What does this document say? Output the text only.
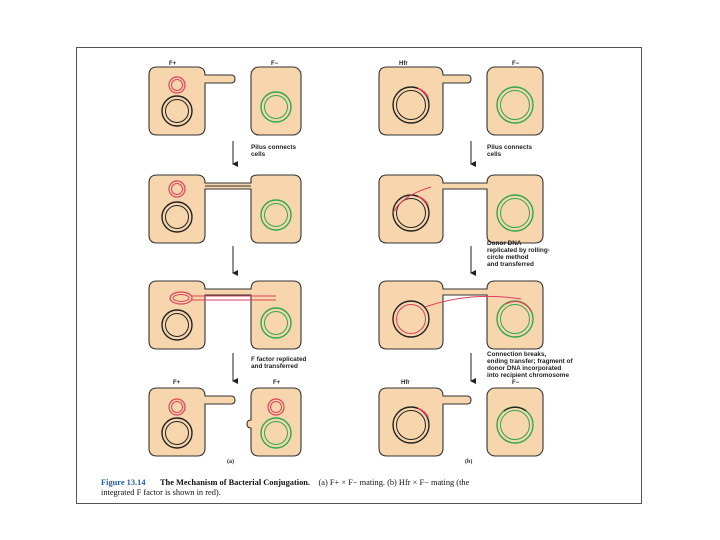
F+	F−
Pilus connects cells
F factor replicated and transferred
F+	F+
(a)
Hfr	F−
Pilus connects cells
Donor DNA replicated by rolling- circle method and transferred
Connection breaks, ending transfer; fragment of donor DNA incorporated into recipient chromosome
Hfr	F−
(b)
Figure 13.14 The Mechanism of Bacterial Conjugation. (a) F+ × F− mating. (b) Hfr × F− mating (the
integrated F factor is shown in red).
